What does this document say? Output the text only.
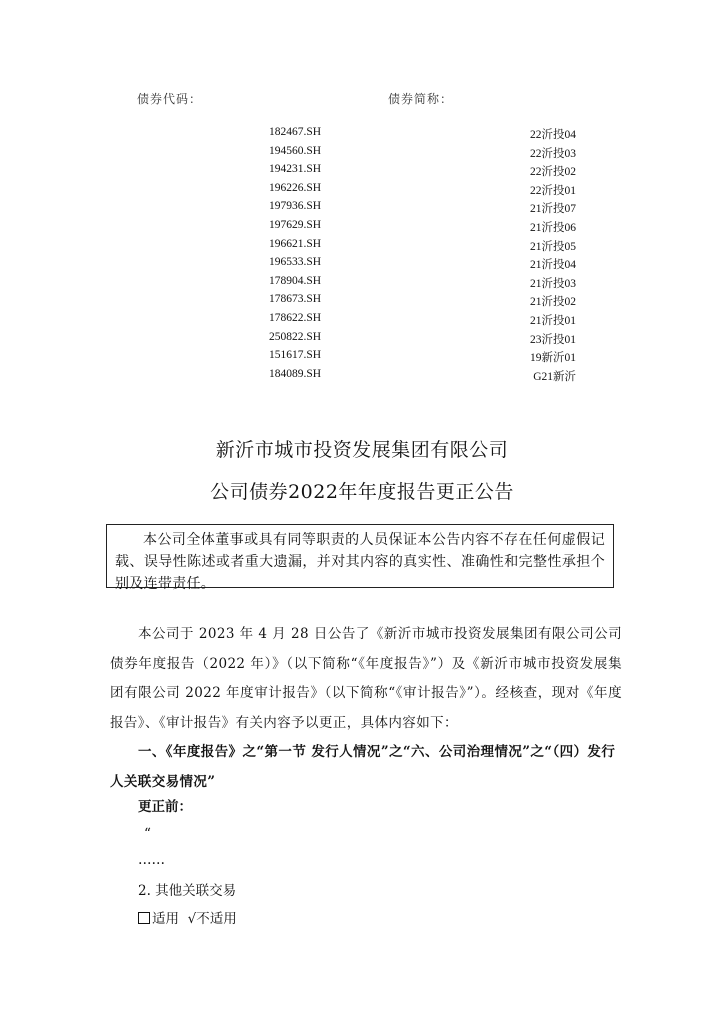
债券代码：	债券简称：
182467.SH	22沂投04
194560.SH	22沂投03
194231.SH	22沂投02
196226.SH	22沂投01
197936.SH	21沂投07
197629.SH	21沂投06
196621.SH	21沂投05
196533.SH	21沂投04
178904.SH	21沂投03
178673.SH	21沂投02
178622.SH	21沂投01
250822.SH	23沂投01
151617.SH	19新沂01
184089.SH	G21新沂
新沂市城市投资发展集团有限公司
公司债券2022年年度报告更正公告
本公司全体董事或具有同等职责的人员保证本公告内容不存在任何虚假记载、误导性陈述或者重大遗漏，并对其内容的真实性、准确性和完整性承担个别及连带责任。
本公司于 2023 年 4 月 28 日公告了《新沂市城市投资发展集团有限公司公司债券年度报告（2022 年）》（以下简称“《年度报告》”）及《新沂市城市投资发展集团有限公司 2022 年度审计报告》（以下简称“《审计报告》”）。经核查，现对《年度报告》、《审计报告》有关内容予以更正，具体内容如下：
一、《年度报告》之“第一节 发行人情况”之“六、公司治理情况”之“（四）发行人关联交易情况”
更正前：
“
……
2. 其他关联交易
适用 √不适用
